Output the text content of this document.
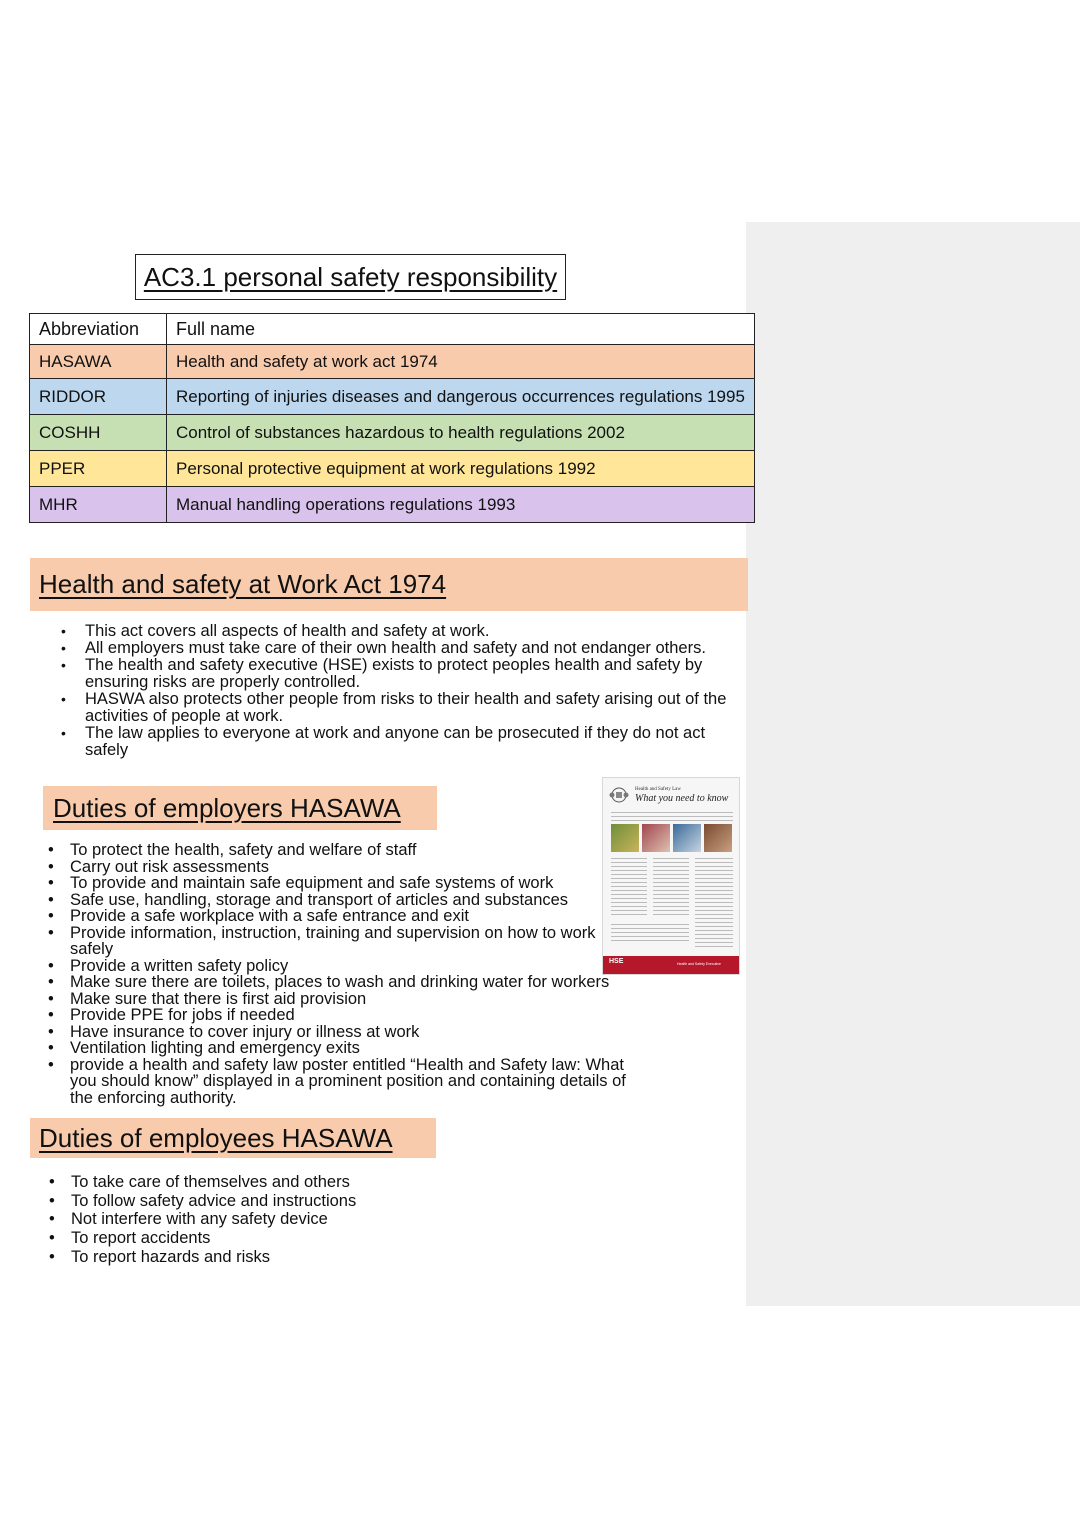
AC3.1 personal safety responsibility
Abbreviation	Full name
HASAWA	Health and safety at work act 1974
RIDDOR	Reporting of injuries diseases and dangerous occurrences regulations 1995
COSHH	Control of substances hazardous to health regulations 2002
PPER	Personal protective equipment at work regulations 1992
MHR	Manual handling operations regulations 1993
Health and safety at Work Act 1974
• This act covers all aspects of health and safety at work.
• All employers must take care of their own health and safety and not endanger others.
• The health and safety executive (HSE) exists to protect peoples health and safety by ensuring risks are properly controlled.
• HASWA also protects other people from risks to their health and safety arising out of the activities of people at work.
• The law applies to everyone at work and anyone can be prosecuted if they do not act safely
Duties of employers HASAWA
Health and Safety Law
What you need to know
HSE	Health and Safety Executive
• To protect the health, safety and welfare of staff
• Carry out risk assessments
• To provide and maintain safe equipment and safe systems of work
• Safe use, handling, storage and transport of articles and substances
• Provide a safe workplace with a safe entrance and exit
• Provide information, instruction, training and supervision on how to work safely
• Provide a written safety policy
• Make sure there are toilets, places to wash and drinking water for workers
• Make sure that there is first aid provision
• Provide PPE for jobs if needed
• Have insurance to cover injury or illness at work
• Ventilation lighting and emergency exits
• provide a health and safety law poster entitled “Health and Safety law: What you should know” displayed in a prominent position and containing details of the enforcing authority.
Duties of employees HASAWA
• To take care of themselves and others
• To follow safety advice and instructions
• Not interfere with any safety device
• To report accidents
• To report hazards and risks
